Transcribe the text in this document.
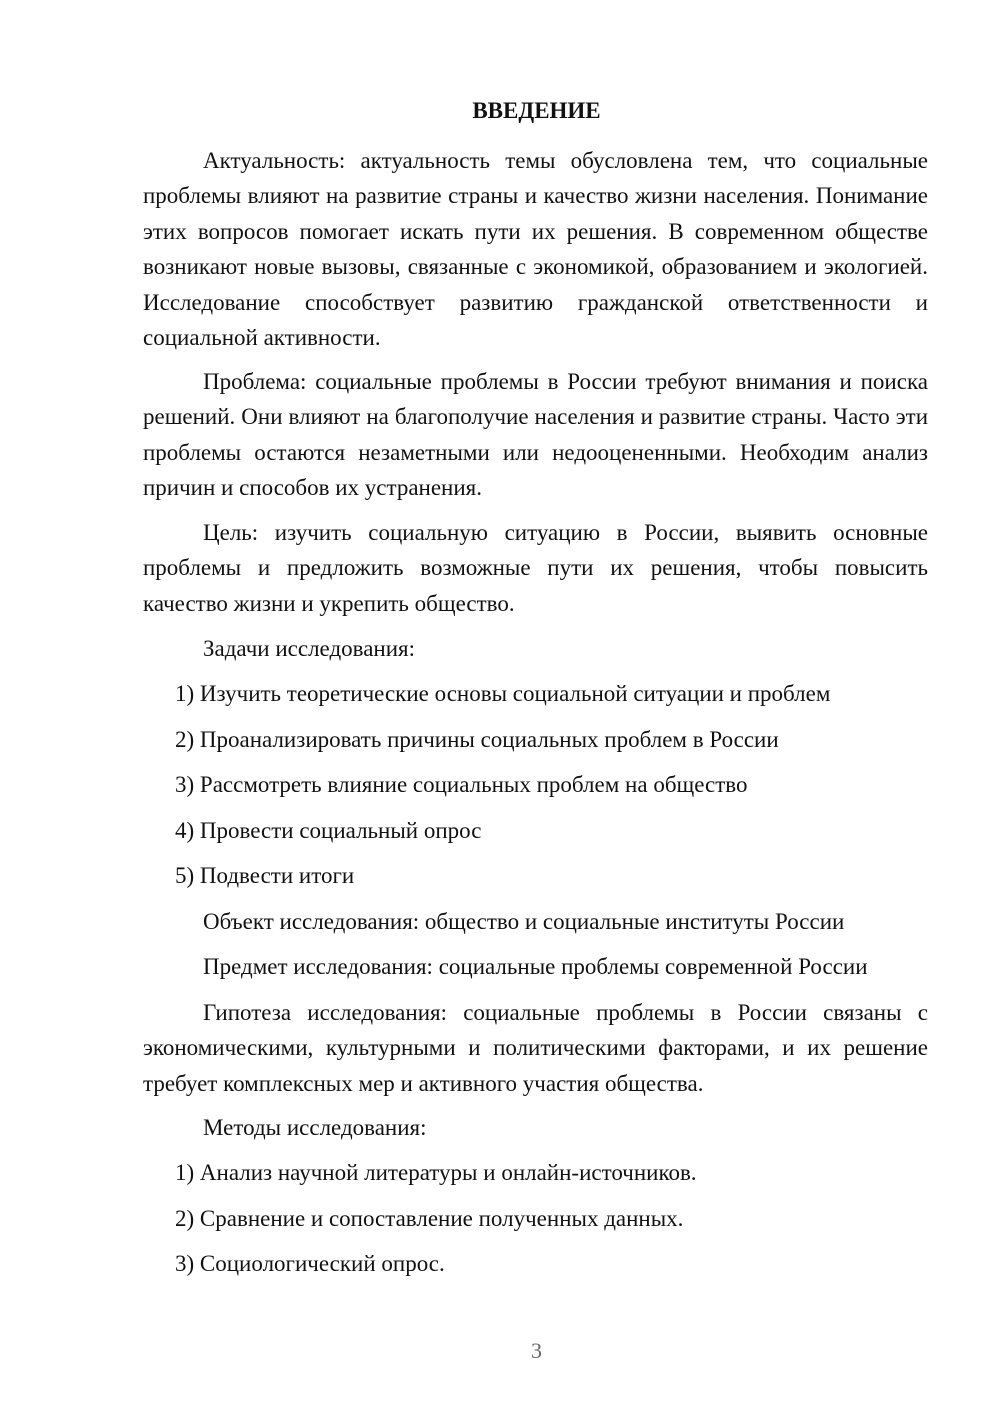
ВВЕДЕНИЕ
Актуальность: актуальность темы обусловлена тем, что социальные проблемы влияют на развитие страны и качество жизни населения. Понимание этих вопросов помогает искать пути их решения. В современном обществе возникают новые вызовы, связанные с экономикой, образованием и экологией. Исследование способствует развитию гражданской ответственности и социальной активности.
Проблема: социальные проблемы в России требуют внимания и поиска решений. Они влияют на благополучие населения и развитие страны. Часто эти проблемы остаются незаметными или недооцененными. Необходим анализ причин и способов их устранения.
Цель: изучить социальную ситуацию в России, выявить основные проблемы и предложить возможные пути их решения, чтобы повысить качество жизни и укрепить общество.
Задачи исследования:
1) Изучить теоретические основы социальной ситуации и проблем
2) Проанализировать причины социальных проблем в России
3) Рассмотреть влияние социальных проблем на общество
4) Провести социальный опрос
5) Подвести итоги
Объект исследования: общество и социальные институты России
Предмет исследования: социальные проблемы современной России
Гипотеза исследования: социальные проблемы в России связаны с экономическими, культурными и политическими факторами, и их решение требует комплексных мер и активного участия общества.
Методы исследования:
1) Анализ научной литературы и онлайн-источников.
2) Сравнение и сопоставление полученных данных.
3) Социологический опрос.
3
